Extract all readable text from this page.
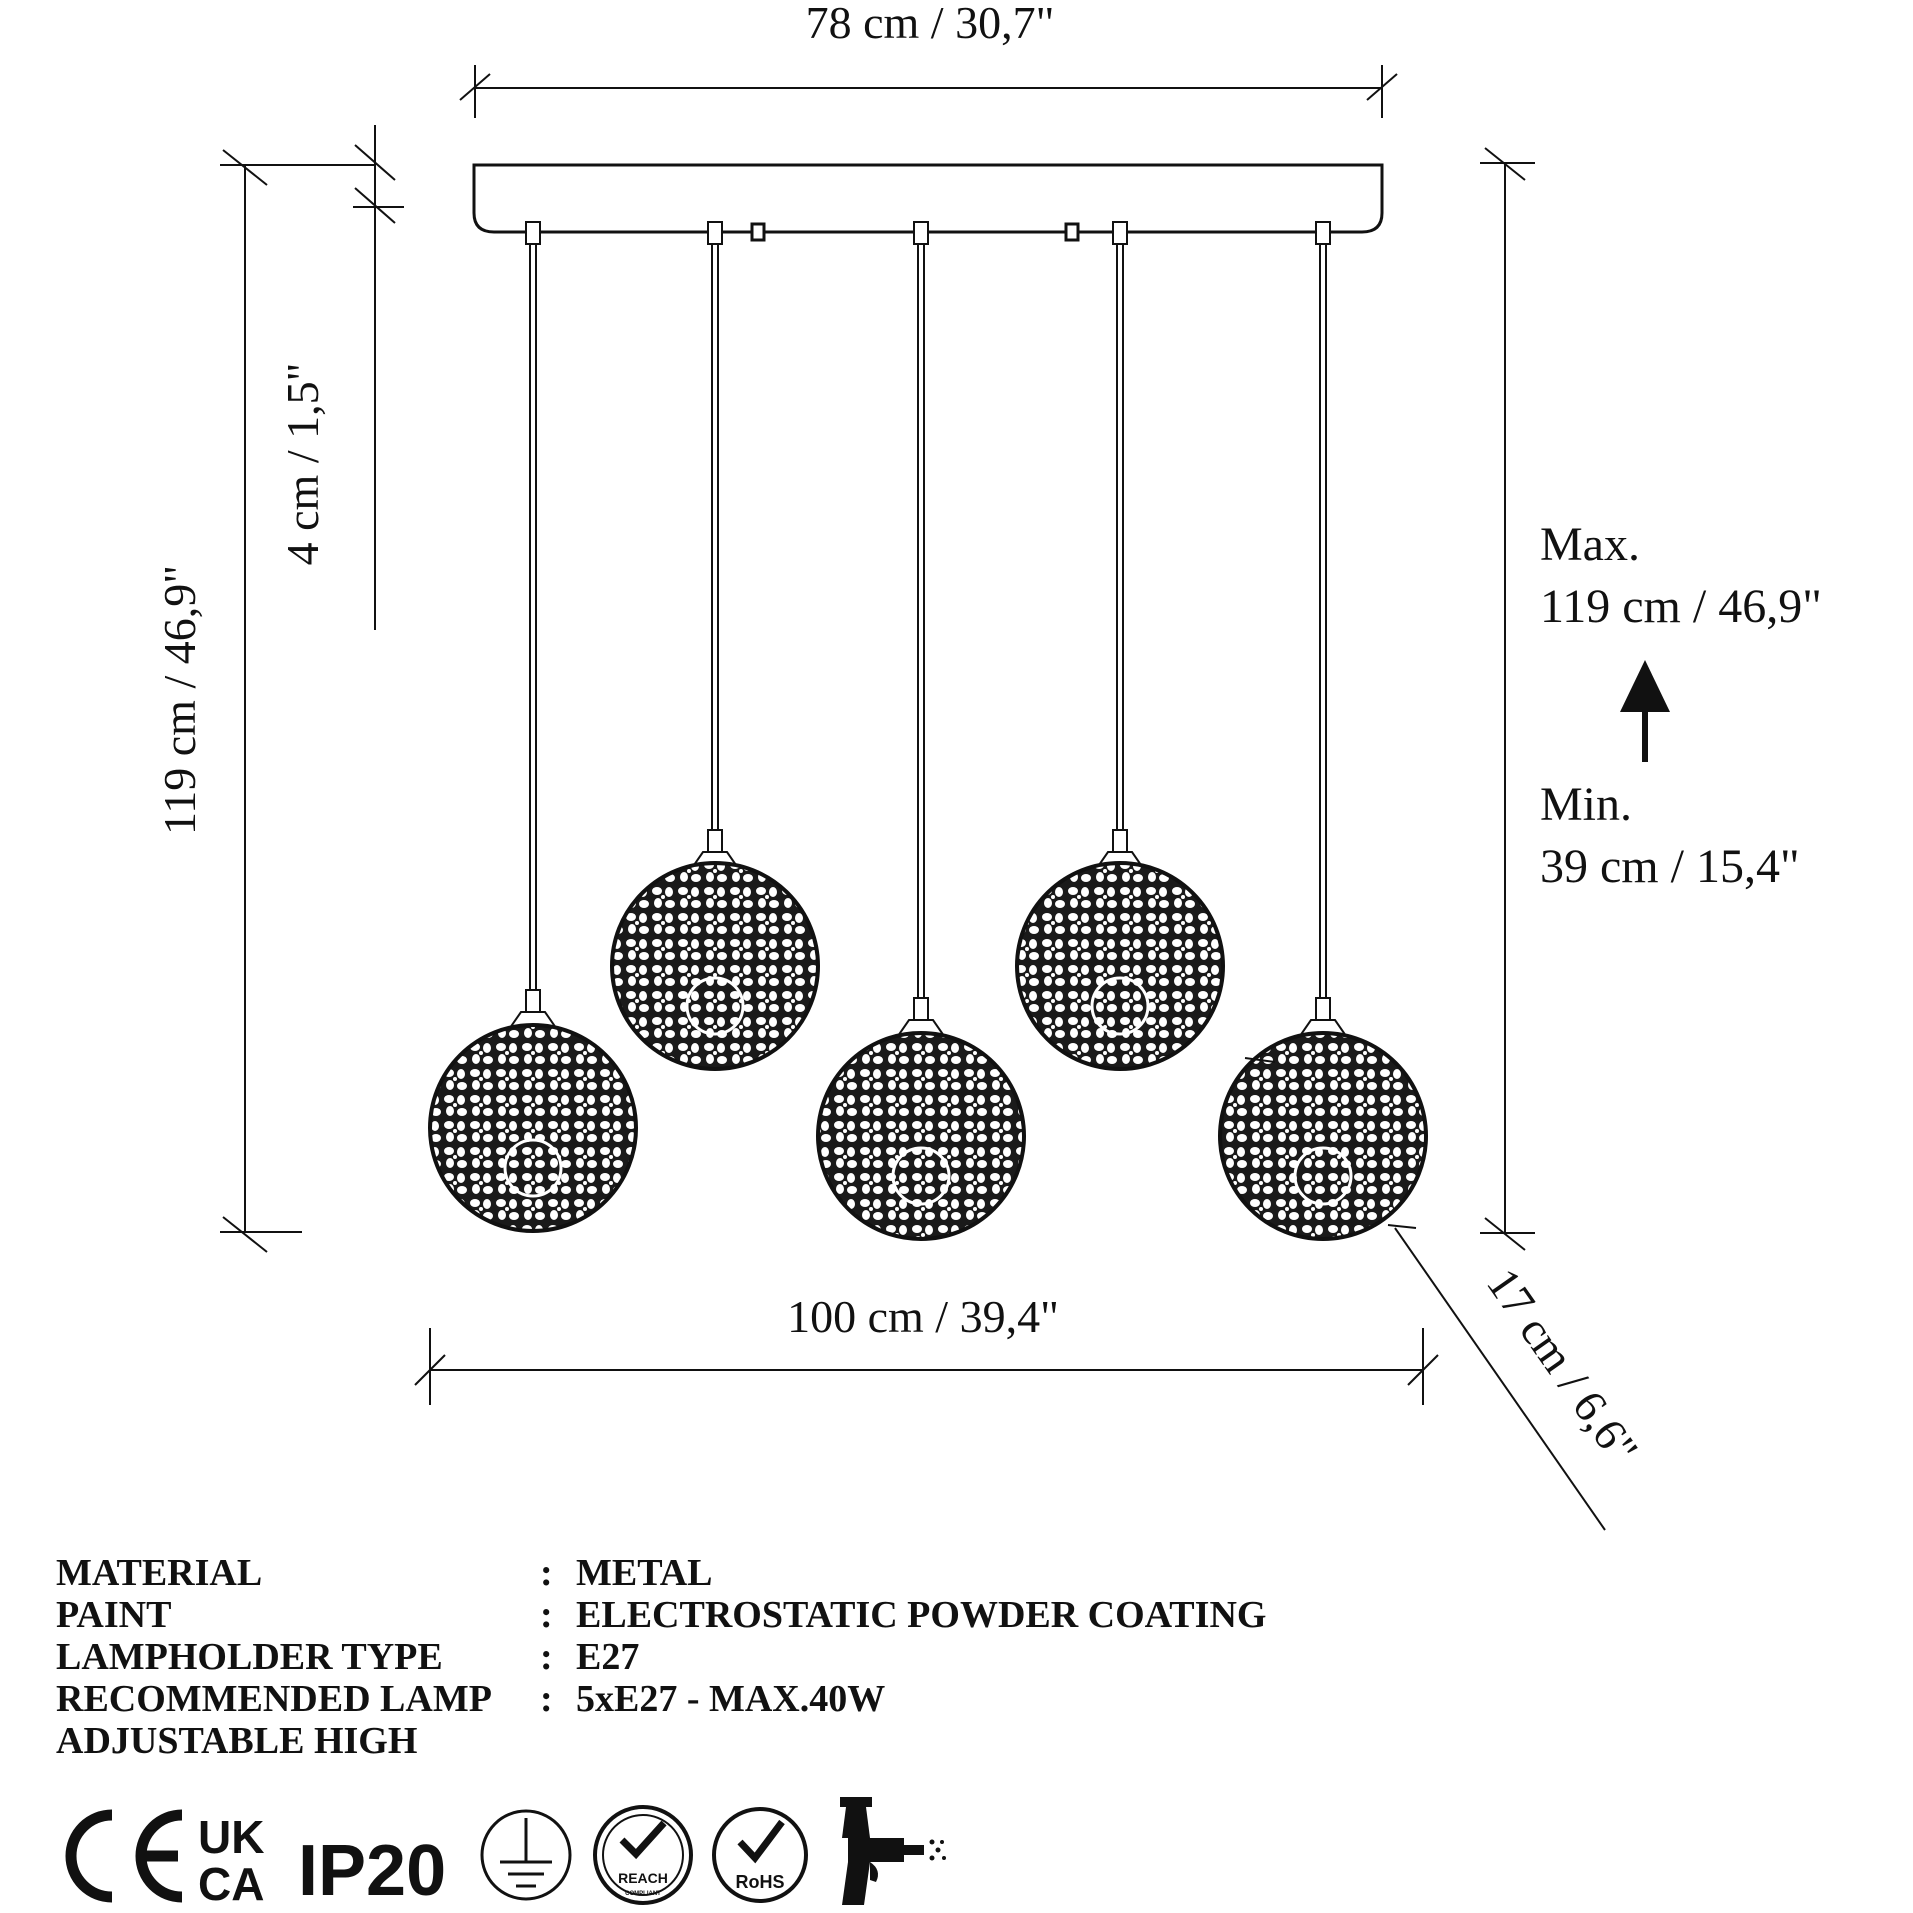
78 cm / 30,7"
119 cm / 46,9"
4 cm / 1,5"	Max.
119 cm / 46,9"
Min.
39 cm / 15,4"
100 cm / 39,4"	17 cm / 6,6"
UK
CA IP20	REACH
COMPLIANT
RoHS
MATERIAL	: METAL
PAINT	: ELECTROSTATIC POWDER COATING
LAMPHOLDER TYPE	: E27
RECOMMENDED LAMP	: 5xE27 - MAX.40W
ADJUSTABLE HIGH
